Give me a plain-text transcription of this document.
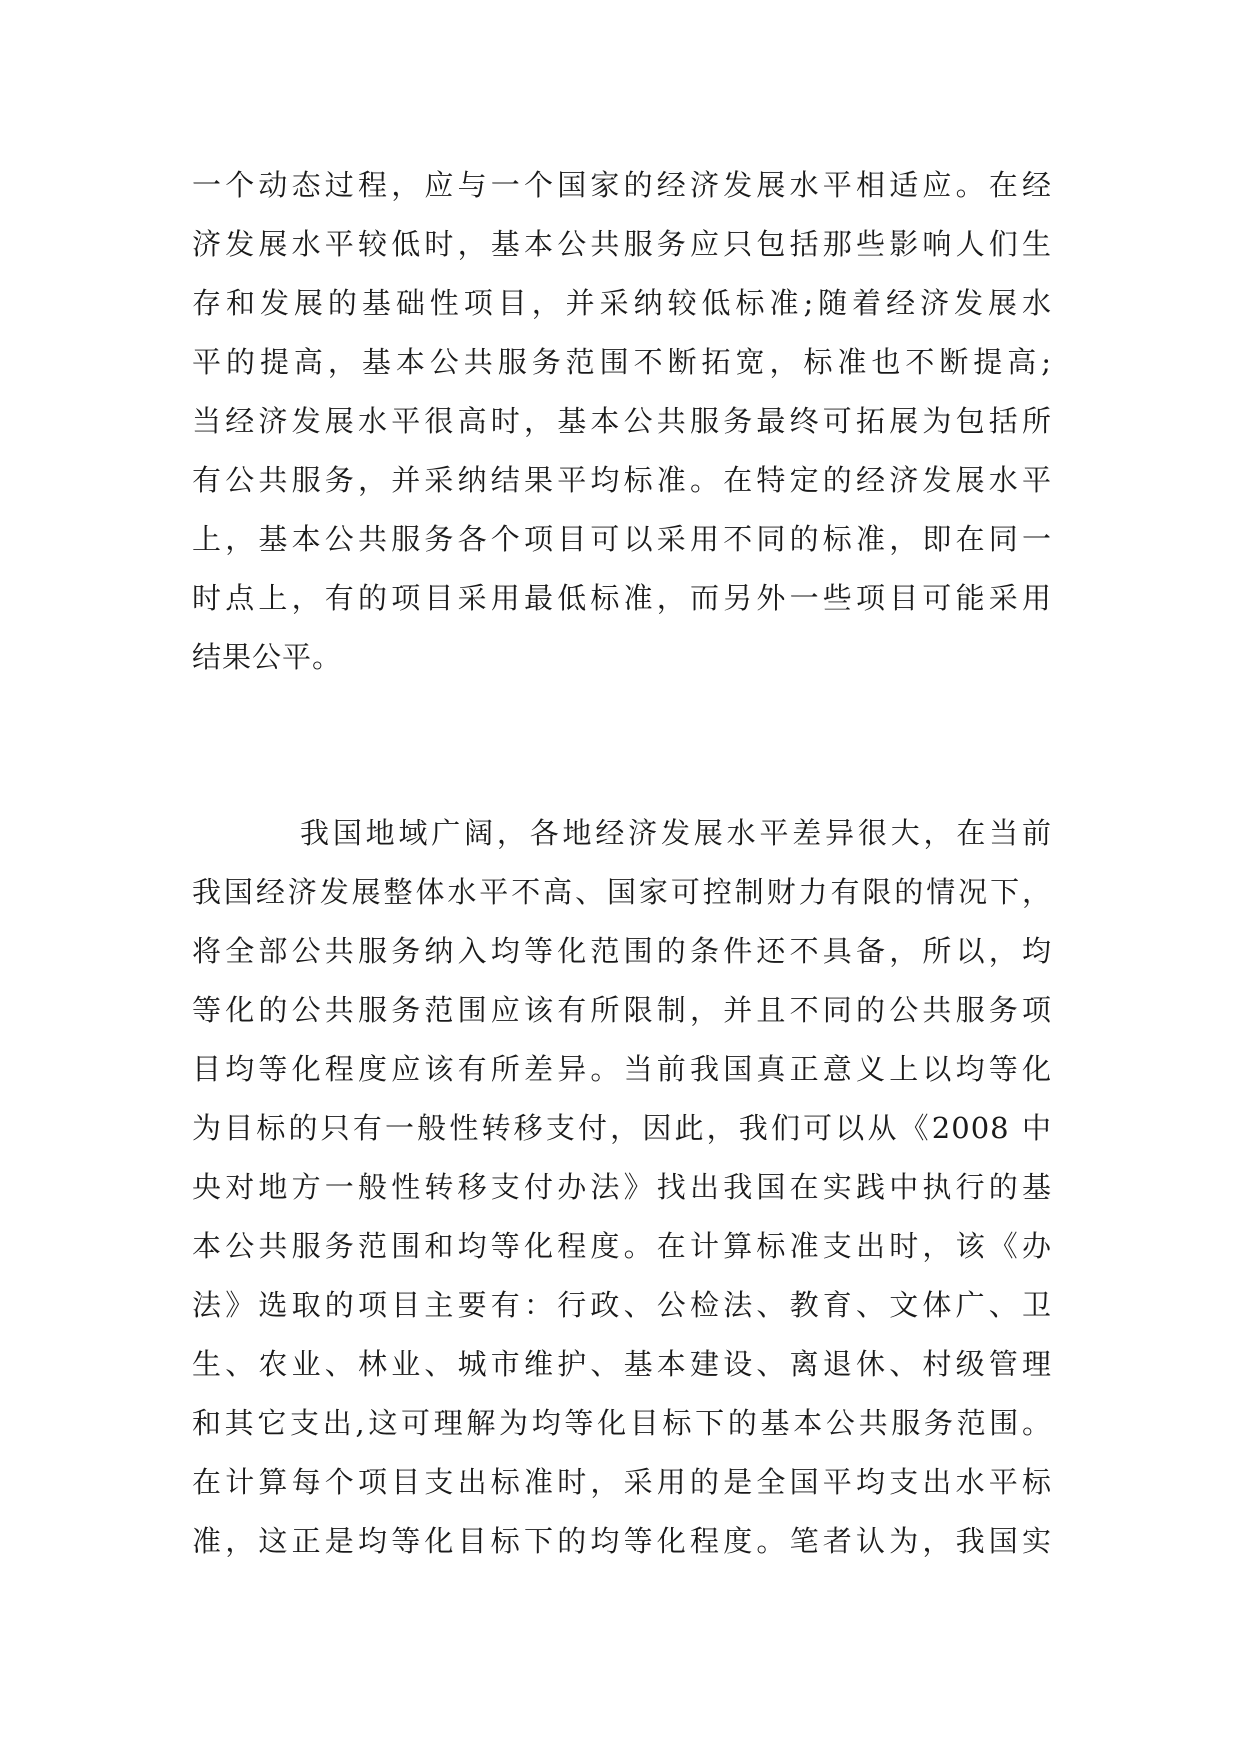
一个动态过程，应与一个国家的经济发展水平相适应。在经
济发展水平较低时，基本公共服务应只包括那些影响人们生
存和发展的基础性项目，并采纳较低标准;随着经济发展水
平的提高，基本公共服务范围不断拓宽，标准也不断提高;
当经济发展水平很高时，基本公共服务最终可拓展为包括所
有公共服务，并采纳结果平均标准。在特定的经济发展水平
上，基本公共服务各个项目可以采用不同的标准，即在同一
时点上，有的项目采用最低标准，而另外一些项目可能采用
结果公平。
我国地域广阔，各地经济发展水平差异很大，在当前
我国经济发展整体水平不高、国家可控制财力有限的情况下，
将全部公共服务纳入均等化范围的条件还不具备，所以，均
等化的公共服务范围应该有所限制，并且不同的公共服务项
目均等化程度应该有所差异。当前我国真正意义上以均等化
为目标的只有一般性转移支付，因此，我们可以从《2008 中
央对地方一般性转移支付办法》找出我国在实践中执行的基
本公共服务范围和均等化程度。在计算标准支出时，该《办
法》选取的项目主要有：行政、公检法、教育、文体广、卫
生、农业、林业、城市维护、基本建设、离退休、村级管理
和其它支出,这可理解为均等化目标下的基本公共服务范围。
在计算每个项目支出标准时，采用的是全国平均支出水平标
准，这正是均等化目标下的均等化程度。笔者认为，我国实
